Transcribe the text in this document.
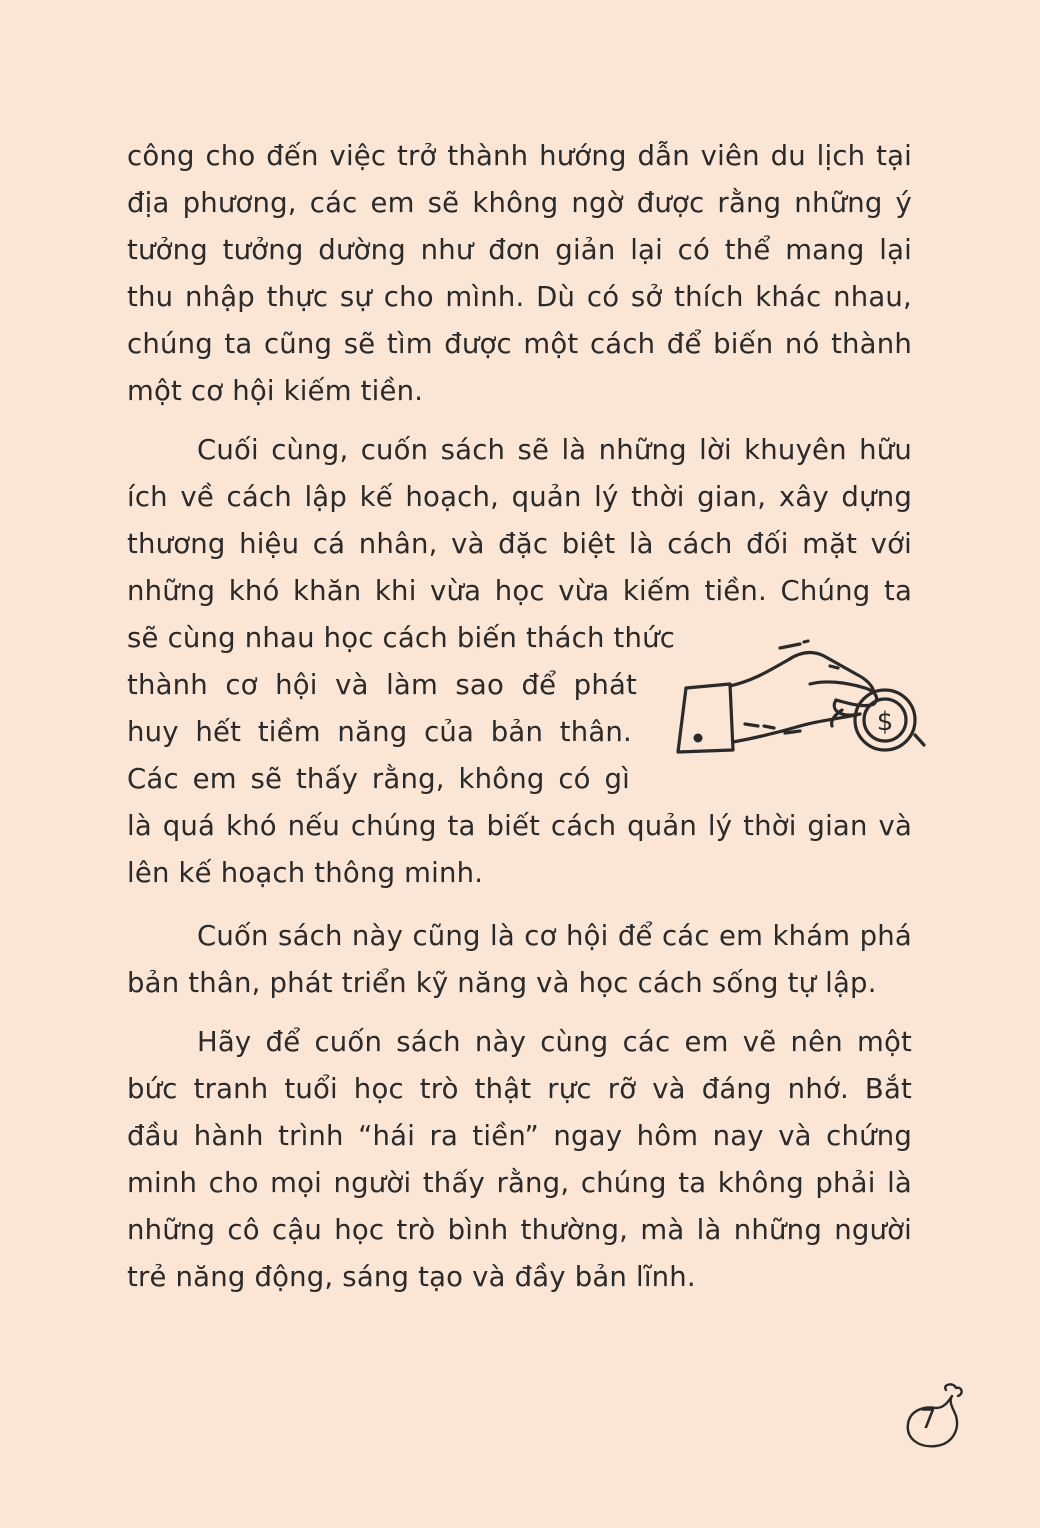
công cho đến việc trở thành hướng dẫn viên du lịch tại
địa phương, các em sẽ không ngờ được rằng những ý
tưởng tưởng dường như đơn giản lại có thể mang lại
thu nhập thực sự cho mình. Dù có sở thích khác nhau,
chúng ta cũng sẽ tìm được một cách để biến nó thành
một cơ hội kiếm tiền.
Cuối cùng, cuốn sách sẽ là những lời khuyên hữu
ích về cách lập kế hoạch, quản lý thời gian, xây dựng
thương hiệu cá nhân, và đặc biệt là cách đối mặt với
những khó khăn khi vừa học vừa kiếm tiền. Chúng ta
sẽ cùng nhau học cách biến thách thức
thành cơ hội và làm sao để phát
huy hết tiềm năng của bản thân.
Các em sẽ thấy rằng, không có gì
là quá khó nếu chúng ta biết cách quản lý thời gian và
lên kế hoạch thông minh.
Cuốn sách này cũng là cơ hội để các em khám phá
bản thân, phát triển kỹ năng và học cách sống tự lập.
Hãy để cuốn sách này cùng các em vẽ nên một
bức tranh tuổi học trò thật rực rỡ và đáng nhớ. Bắt
đầu hành trình “hái ra tiền” ngay hôm nay và chứng
minh cho mọi người thấy rằng, chúng ta không phải là
những cô cậu học trò bình thường, mà là những người
trẻ năng động, sáng tạo và đầy bản lĩnh.
$
7
